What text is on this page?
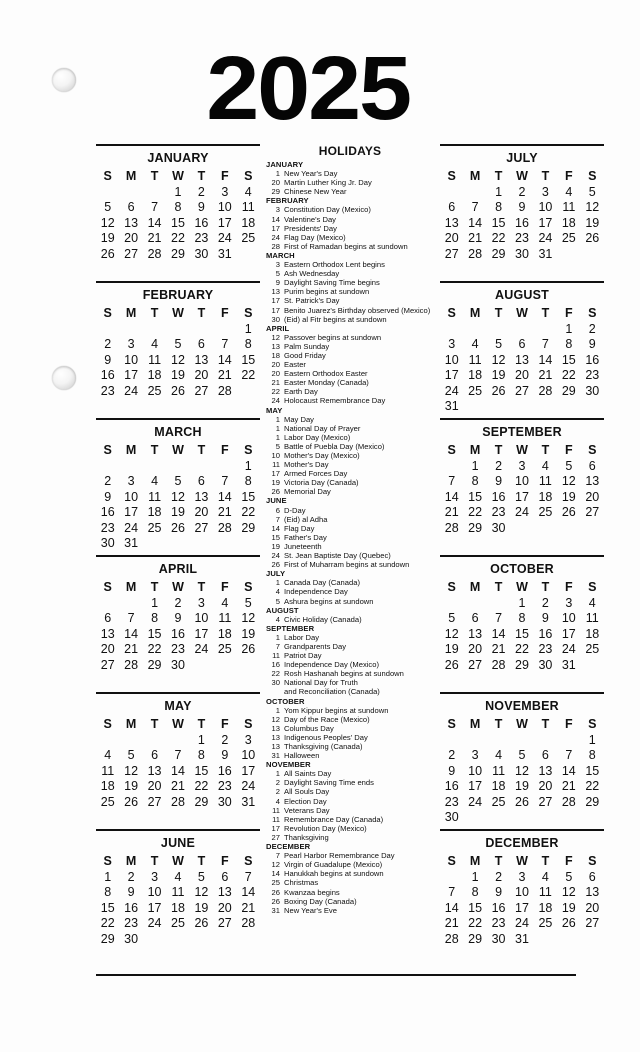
2025
JANUARY
S	M	T	W	T	F	S
			1	2	3	4
5	6	7	8	9	10	11
12	13	14	15	16	17	18
19	20	21	22	23	24	25
26	27	28	29	30	31	
FEBRUARY
S	M	T	W	T	F	S
						1
2	3	4	5	6	7	8
9	10	11	12	13	14	15
16	17	18	19	20	21	22
23	24	25	26	27	28	
MARCH
S	M	T	W	T	F	S
						1
2	3	4	5	6	7	8
9	10	11	12	13	14	15
16	17	18	19	20	21	22
23	24	25	26	27	28	29
30	31					
APRIL
S	M	T	W	T	F	S
		1	2	3	4	5
6	7	8	9	10	11	12
13	14	15	16	17	18	19
20	21	22	23	24	25	26
27	28	29	30			
MAY
S	M	T	W	T	F	S
				1	2	3
4	5	6	7	8	9	10
11	12	13	14	15	16	17
18	19	20	21	22	23	24
25	26	27	28	29	30	31
JUNE
S	M	T	W	T	F	S
1	2	3	4	5	6	7
8	9	10	11	12	13	14
15	16	17	18	19	20	21
22	23	24	25	26	27	28
29	30					
HOLIDAYS
JANUARY
1 New Year's Day
20 Martin Luther King Jr. Day
29 Chinese New Year
FEBRUARY
3 Constitution Day (Mexico)
14 Valentine's Day
17 Presidents' Day
24 Flag Day (Mexico)
28 First of Ramadan begins at sundown
MARCH
3 Eastern Orthodox Lent begins
5 Ash Wednesday
9 Daylight Saving Time begins
13 Purim begins at sundown
17 St. Patrick's Day
17 Benito Juarez's Birthday observed (Mexico)
30 (Eid) al Fitr begins at sundown
APRIL
12 Passover begins at sundown
13 Palm Sunday
18 Good Friday
20 Easter
20 Eastern Orthodox Easter
21 Easter Monday (Canada)
22 Earth Day
24 Holocaust Remembrance Day
MAY
1 May Day
1 National Day of Prayer
1 Labor Day (Mexico)
5 Battle of Puebla Day (Mexico)
10 Mother's Day (Mexico)
11 Mother's Day
17 Armed Forces Day
19 Victoria Day (Canada)
26 Memorial Day
JUNE
6 D-Day
7 (Eid) al Adha
14 Flag Day
15 Father's Day
19 Juneteenth
24 St. Jean Baptiste Day (Quebec)
26 First of Muharram begins at sundown
JULY
1 Canada Day (Canada)
4 Independence Day
5 Ashura begins at sundown
AUGUST
4 Civic Holiday (Canada)
SEPTEMBER
1 Labor Day
7 Grandparents Day
11 Patriot Day
16 Independence Day (Mexico)
22 Rosh Hashanah begins at sundown
30 National Day for Truth
and Reconciliation (Canada)
OCTOBER
1 Yom Kippur begins at sundown
12 Day of the Race (Mexico)
13 Columbus Day
13 Indigenous Peoples' Day
13 Thanksgiving (Canada)
31 Halloween
NOVEMBER
1 All Saints Day
2 Daylight Saving Time ends
2 All Souls Day
4 Election Day
11 Veterans Day
11 Remembrance Day (Canada)
17 Revolution Day (Mexico)
27 Thanksgiving
DECEMBER
7 Pearl Harbor Remembrance Day
12 Virgin of Guadalupe (Mexico)
14 Hanukkah begins at sundown
25 Christmas
26 Kwanzaa begins
26 Boxing Day (Canada)
31 New Year's Eve
JULY
S	M	T	W	T	F	S
		1	2	3	4	5
6	7	8	9	10	11	12
13	14	15	16	17	18	19
20	21	22	23	24	25	26
27	28	29	30	31		
AUGUST
S	M	T	W	T	F	S
					1	2
3	4	5	6	7	8	9
10	11	12	13	14	15	16
17	18	19	20	21	22	23
24	25	26	27	28	29	30
31						
SEPTEMBER
S	M	T	W	T	F	S
	1	2	3	4	5	6
7	8	9	10	11	12	13
14	15	16	17	18	19	20
21	22	23	24	25	26	27
28	29	30				
OCTOBER
S	M	T	W	T	F	S
			1	2	3	4
5	6	7	8	9	10	11
12	13	14	15	16	17	18
19	20	21	22	23	24	25
26	27	28	29	30	31	
NOVEMBER
S	M	T	W	T	F	S
						1
2	3	4	5	6	7	8
9	10	11	12	13	14	15
16	17	18	19	20	21	22
23	24	25	26	27	28	29
30						
DECEMBER
S	M	T	W	T	F	S
	1	2	3	4	5	6
7	8	9	10	11	12	13
14	15	16	17	18	19	20
21	22	23	24	25	26	27
28	29	30	31			
